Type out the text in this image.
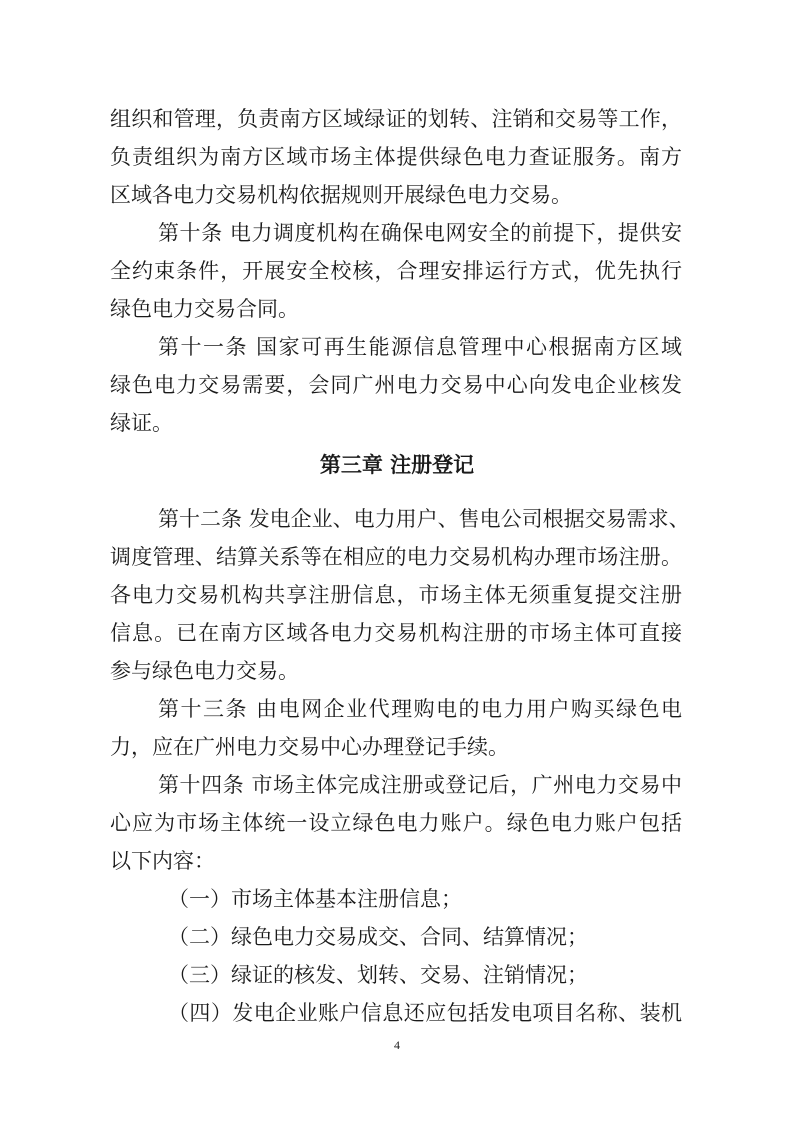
组织和管理，负责南方区域绿证的划转、注销和交易等工作，
负责组织为南方区域市场主体提供绿色电力查证服务。南方
区域各电力交易机构依据规则开展绿色电力交易。
第十条 电力调度机构在确保电网安全的前提下，提供安
全约束条件，开展安全校核，合理安排运行方式，优先执行
绿色电力交易合同。
第十一条 国家可再生能源信息管理中心根据南方区域
绿色电力交易需要，会同广州电力交易中心向发电企业核发
绿证。
第三章 注册登记
第十二条 发电企业、电力用户、售电公司根据交易需求、
调度管理、结算关系等在相应的电力交易机构办理市场注册。
各电力交易机构共享注册信息，市场主体无须重复提交注册
信息。已在南方区域各电力交易机构注册的市场主体可直接
参与绿色电力交易。
第十三条 由电网企业代理购电的电力用户购买绿色电
力，应在广州电力交易中心办理登记手续。
第十四条 市场主体完成注册或登记后，广州电力交易中
心应为市场主体统一设立绿色电力账户。绿色电力账户包括
以下内容：
（一）市场主体基本注册信息；
（二）绿色电力交易成交、合同、结算情况；
（三）绿证的核发、划转、交易、注销情况；
（四）发电企业账户信息还应包括发电项目名称、装机
4
